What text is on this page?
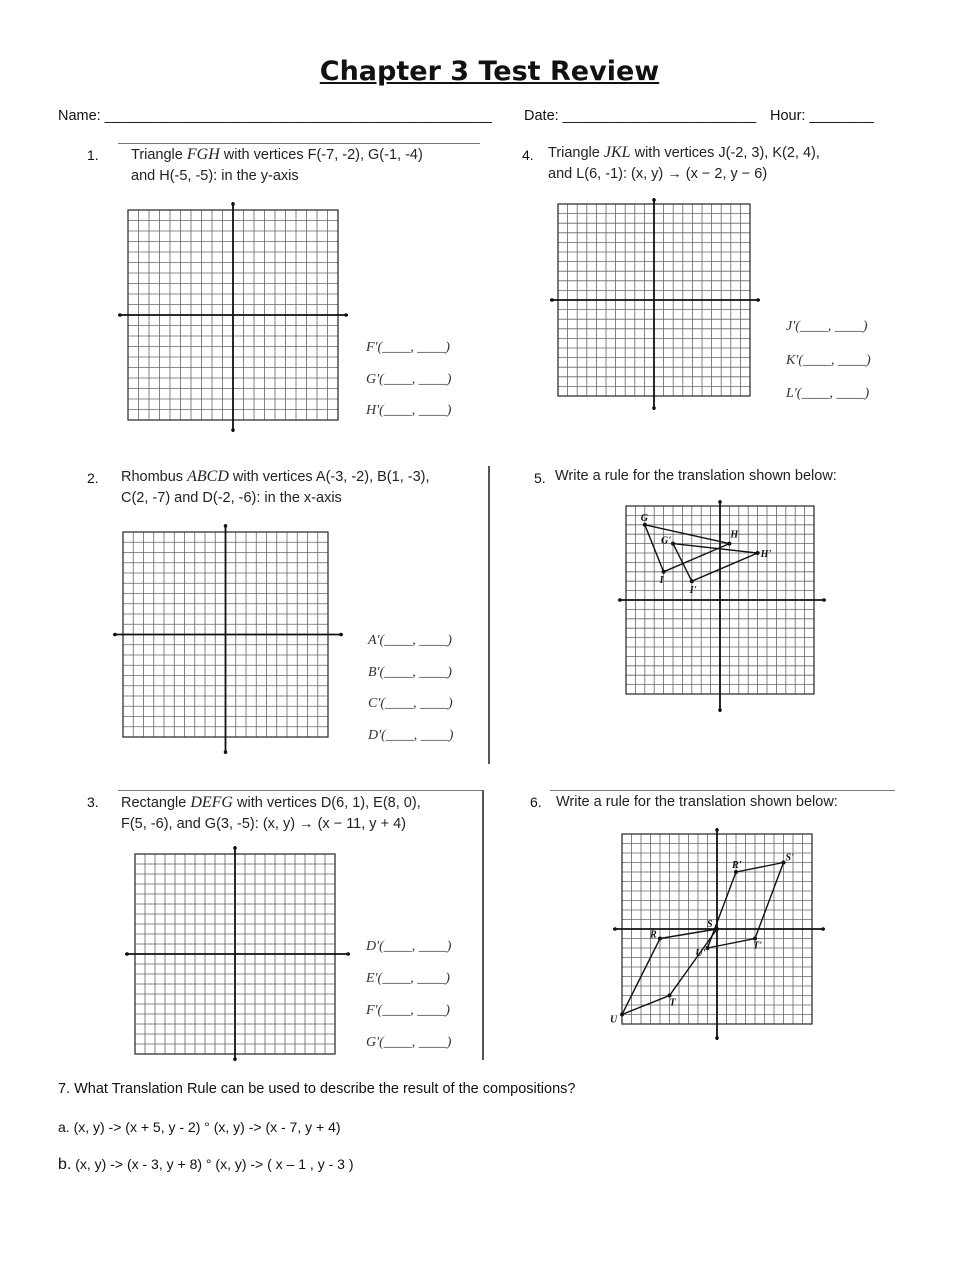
Chapter 3 Test Review
Name: ________________________________________________ Date: ________________________ Hour: ________
1. Triangle FGH with vertices F(-7, -2), G(-1, -4)
and H(-5, -5): in the y-axis
F'(____, ____)
G'(____, ____)
H'(____, ____)
2. Rhombus ABCD with vertices A(-3, -2), B(1, -3),
C(2, -7) and D(-2, -6): in the x-axis
A'(____, ____)
B'(____, ____)
C'(____, ____)
D'(____, ____)
3. Rectangle DEFG with vertices D(6, 1), E(8, 0),
F(5, -6), and G(3, -5): (x, y) → (x − 11, y + 4)
D'(____, ____)
E'(____, ____)
F'(____, ____)
G'(____, ____)
4. Triangle JKL with vertices J(-2, 3), K(2, 4),
and L(6, -1): (x, y) → (x − 2, y − 6)
J'(____, ____)
K'(____, ____)
L'(____, ____)
5. Write a rule for the translation shown below:
G
H
G'
H'
I
I'
6. Write a rule for the translation shown below:
R
S
T
U
R'
S'
T'
U'
7. What Translation Rule can be used to describe the result of the compositions?
a. (x, y) -> (x + 5, y - 2) ° (x, y) -> (x - 7, y + 4)
b. (x, y) -> (x - 3, y + 8) ° (x, y) -> ( x – 1 , y - 3 )
